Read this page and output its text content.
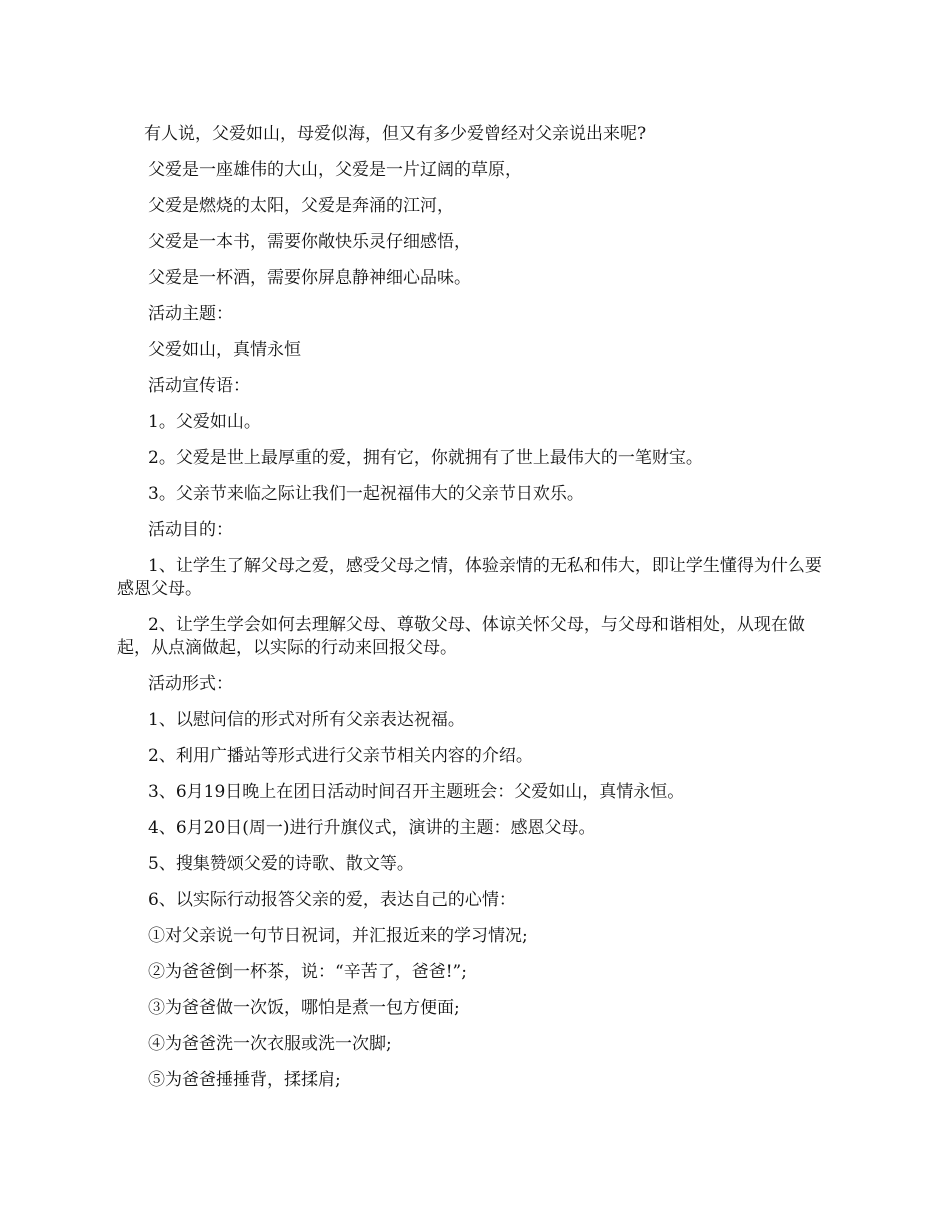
有人说，父爱如山，母爱似海，但又有多少爱曾经对父亲说出来呢?

父爱是一座雄伟的大山，父爱是一片辽阔的草原，

父爱是燃烧的太阳，父爱是奔涌的江河，

父爱是一本书，需要你敞快乐灵仔细感悟，

父爱是一杯酒，需要你屏息静神细心品味。

活动主题：

父爱如山，真情永恒

活动宣传语：

1。父爱如山。

2。父爱是世上最厚重的爱，拥有它，你就拥有了世上最伟大的一笔财宝。

3。父亲节来临之际让我们一起祝福伟大的父亲节日欢乐。

活动目的：

1、让学生了解父母之爱，感受父母之情，体验亲情的无私和伟大，即让学生懂得为什么要感恩父母。

2、让学生学会如何去理解父母、尊敬父母、体谅关怀父母，与父母和谐相处，从现在做起，从点滴做起，以实际的行动来回报父母。

活动形式：

1、以慰问信的形式对所有父亲表达祝福。

2、利用广播站等形式进行父亲节相关内容的介绍。

3、6月19日晚上在团日活动时间召开主题班会：父爱如山，真情永恒。

4、6月20日(周一)进行升旗仪式，演讲的主题：感恩父母。

5、搜集赞颂父爱的诗歌、散文等。

6、以实际行动报答父亲的爱，表达自己的心情：

①对父亲说一句节日祝词，并汇报近来的学习情况;

②为爸爸倒一杯茶，说：“辛苦了，爸爸!”;

③为爸爸做一次饭，哪怕是煮一包方便面;

④为爸爸洗一次衣服或洗一次脚;

⑤为爸爸捶捶背，揉揉肩;
